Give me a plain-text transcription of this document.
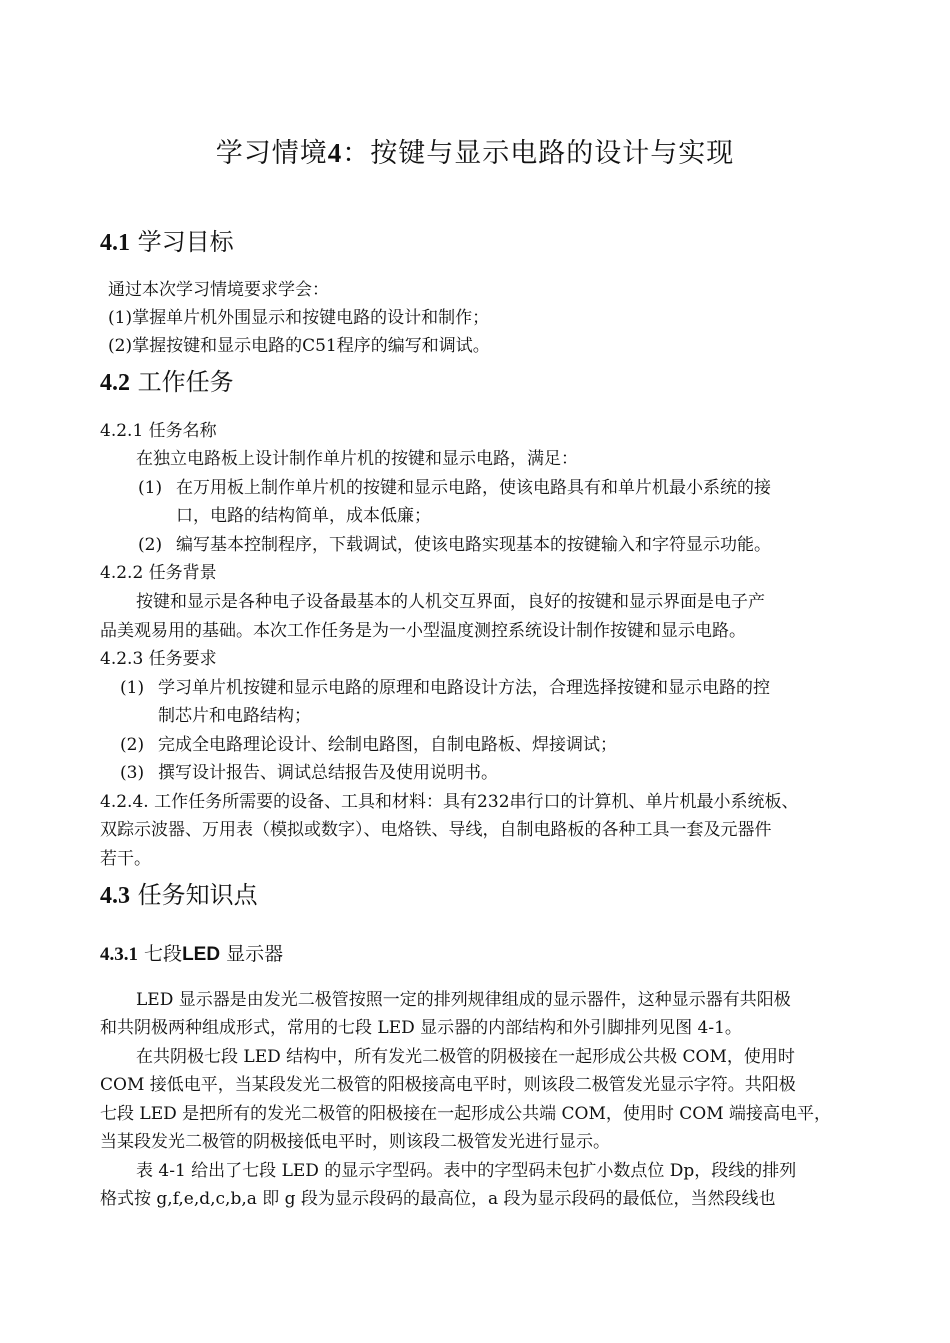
学习情境4：按键与显示电路的设计与实现
4.1 学习目标
通过本次学习情境要求学会：
(1)掌握单片机外围显示和按键电路的设计和制作；
(2)掌握按键和显示电路的C51程序的编写和调试。
4.2 工作任务
4.2.1 任务名称
在独立电路板上设计制作单片机的按键和显示电路，满足：
(1) 在万用板上制作单片机的按键和显示电路，使该电路具有和单片机最小系统的接
口，电路的结构简单，成本低廉；
(2) 编写基本控制程序，下载调试，使该电路实现基本的按键输入和字符显示功能。
4.2.2 任务背景
按键和显示是各种电子设备最基本的人机交互界面，良好的按键和显示界面是电子产
品美观易用的基础。本次工作任务是为一小型温度测控系统设计制作按键和显示电路。
4.2.3 任务要求
(1) 学习单片机按键和显示电路的原理和电路设计方法，合理选择按键和显示电路的控
制芯片和电路结构；
(2) 完成全电路理论设计、绘制电路图，自制电路板、焊接调试；
(3) 撰写设计报告、调试总结报告及使用说明书。
4.2.4. 工作任务所需要的设备、工具和材料：具有232串行口的计算机、单片机最小系统板、
双踪示波器、万用表（模拟或数字）、电烙铁、导线，自制电路板的各种工具一套及元器件
若干。
4.3 任务知识点
4.3.1 七段LED 显示器
LED 显示器是由发光二极管按照一定的排列规律组成的显示器件，这种显示器有共阳极
和共阴极两种组成形式，常用的七段 LED 显示器的内部结构和外引脚排列见图 4-1。
在共阴极七段 LED 结构中，所有发光二极管的阴极接在一起形成公共极 COM，使用时
COM 接低电平，当某段发光二极管的阳极接高电平时，则该段二极管发光显示字符。共阳极
七段 LED 是把所有的发光二极管的阳极接在一起形成公共端 COM，使用时 COM 端接高电平，
当某段发光二极管的阴极接低电平时，则该段二极管发光进行显示。
表 4-1 给出了七段 LED 的显示字型码。表中的字型码未包扩小数点位 Dp，段线的排列
格式按 g,f,e,d,c,b,a 即 g 段为显示段码的最高位，a 段为显示段码的最低位，当然段线也
